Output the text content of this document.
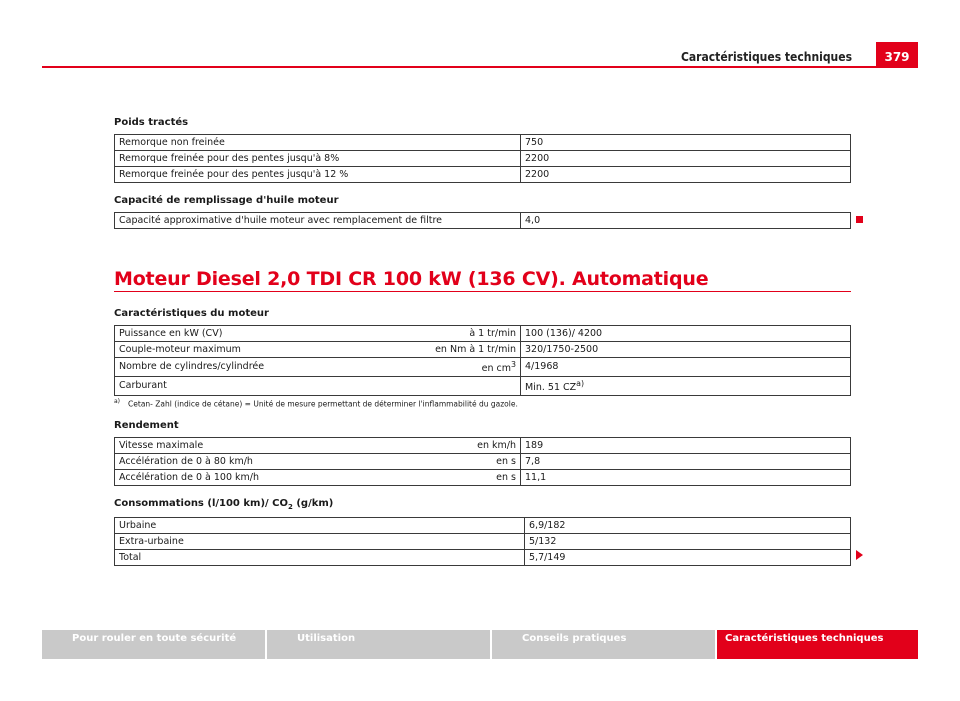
Caractéristiques techniques	379
Poids tractés
Remorque non freinée	750
Remorque freinée pour des pentes jusqu'à 8%	2200
Remorque freinée pour des pentes jusqu'à 12 %	2200
Capacité de remplissage d'huile moteur
Capacité approximative d'huile moteur avec remplacement de filtre	4,0
Moteur Diesel 2,0 TDI CR 100 kW (136 CV). Automatique
Caractéristiques du moteur
Puissance en kW (CV)	à 1 tr/min	100 (136)/ 4200
Couple-moteur maximum	en Nm à 1 tr/min	320/1750-2500
Nombre de cylindres/cylindrée	en $cm^3$	4/1968
Carburant		Min. 51 CZ$^{a)}$
$^{a)}$ Cetan- Zahl (indice de cétane) = Unité de mesure permettant de déterminer l'inflammabilité du gazole.
Rendement
Vitesse maximale	en km/h	189
Accélération de 0 à 80 km/h	en s	7,8
Accélération de 0 à 100 km/h	en s	11,1
Consommations (l/100 km)/ $CO_2$ (g/km)
Urbaine	6,9/182
Extra-urbaine	5/132
Total	5,7/149
Pour rouler en toute sécurité	Utilisation	Conseils pratiques	Caractéristiques techniques
